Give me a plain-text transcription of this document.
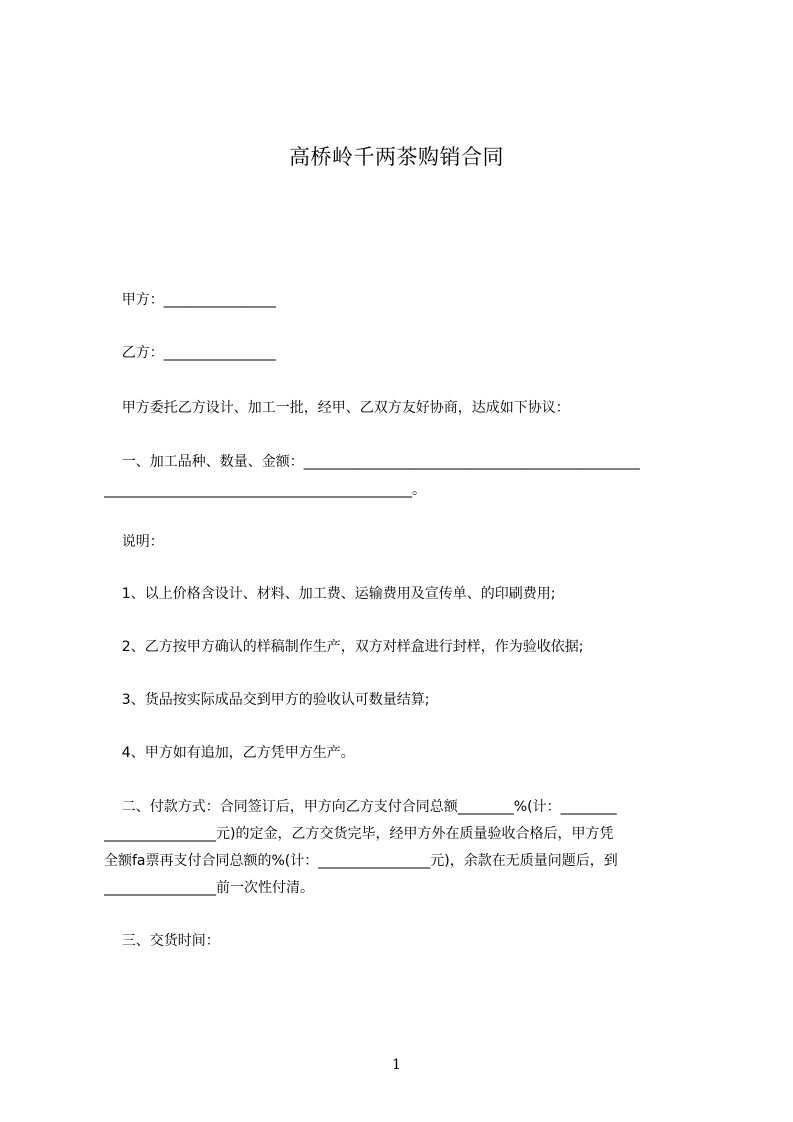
高桥岭千两茶购销合同

甲方：________________

乙方：________________

甲方委托乙方设计、加工一批，经甲、乙双方友好协商，达成如下协议：

一、加工品种、数量、金额：________________________________________________

____________________________________________。

说明：

1、以上价格含设计、材料、加工费、运输费用及宣传单、的印刷费用;

2、乙方按甲方确认的样稿制作生产，双方对样盒进行封样，作为验收依据;

3、货品按实际成品交到甲方的验收认可数量结算;

4、甲方如有追加，乙方凭甲方生产。

二、付款方式：合同签订后，甲方向乙方支付合同总额________%(计：________

________________元)的定金，乙方交货完毕，经甲方外在质量验收合格后，甲方凭

全额fa票再支付合同总额的%(计：________________元)，余款在无质量问题后，到

________________前一次性付清。

三、交货时间：

1
